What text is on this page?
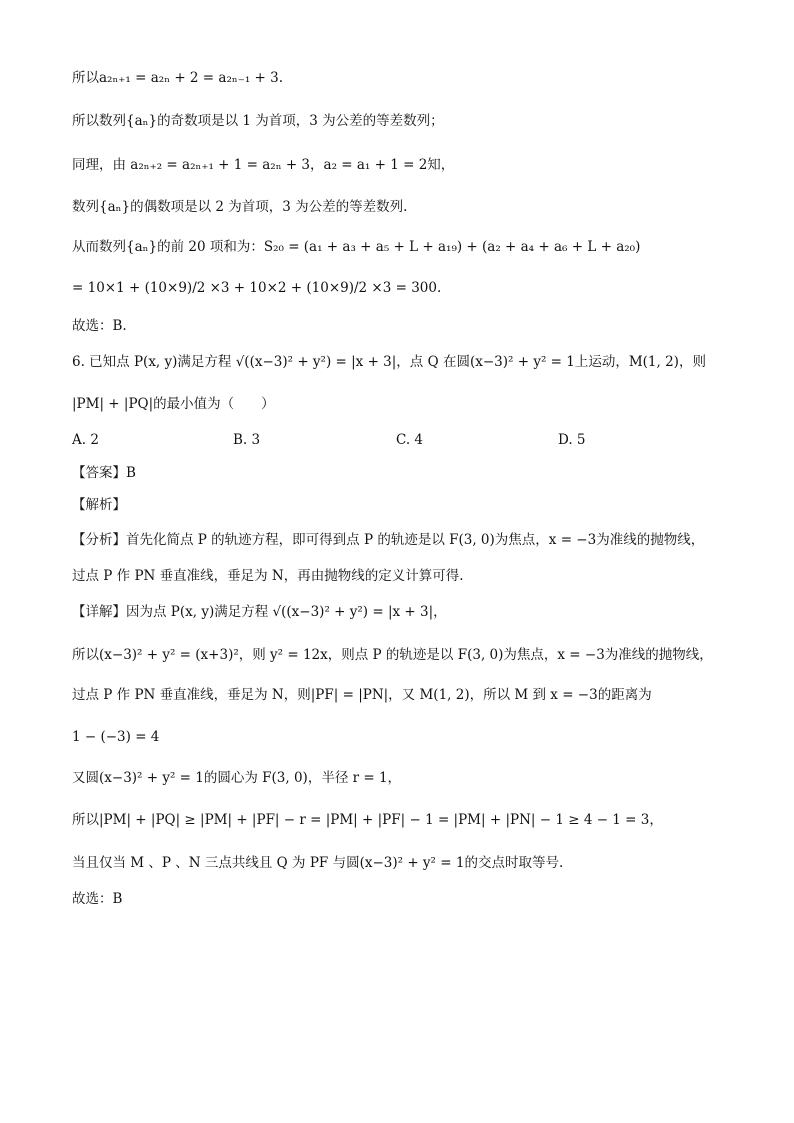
所以a₂ₙ₊₁ = a₂ₙ + 2 = a₂ₙ₋₁ + 3.
所以数列{aₙ}的奇数项是以 1 为首项，3 为公差的等差数列；
同理，由 a₂ₙ₊₂ = a₂ₙ₊₁ + 1 = a₂ₙ + 3，a₂ = a₁ + 1 = 2知，
数列{aₙ}的偶数项是以 2 为首项，3 为公差的等差数列.
从而数列{aₙ}的前 20 项和为：S₂₀ = (a₁ + a₃ + a₅ + L + a₁₉) + (a₂ + a₄ + a₆ + L + a₂₀)
= 10×1 + (10×9)/2 ×3 + 10×2 + (10×9)/2 ×3 = 300.
故选：B.
6. 已知点 P(x, y)满足方程 √((x−3)² + y²) = |x + 3|，点 Q 在圆(x−3)² + y² = 1上运动，M(1, 2)，则
|PM| + |PQ|的最小值为（　　）
A. 2	B. 3	C. 4	D. 5
【答案】B
【解析】
【分析】首先化简点 P 的轨迹方程，即可得到点 P 的轨迹是以 F(3, 0)为焦点，x = −3为准线的抛物线，
过点 P 作 PN 垂直准线，垂足为 N，再由抛物线的定义计算可得.
【详解】因为点 P(x, y)满足方程 √((x−3)² + y²) = |x + 3|，
所以(x−3)² + y² = (x+3)²，则 y² = 12x，则点 P 的轨迹是以 F(3, 0)为焦点，x = −3为准线的抛物线，
过点 P 作 PN 垂直准线，垂足为 N，则|PF| = |PN|，又 M(1, 2)，所以 M 到 x = −3的距离为
1 − (−3) = 4
又圆(x−3)² + y² = 1的圆心为 F(3, 0)，半径 r = 1，
所以|PM| + |PQ| ≥ |PM| + |PF| − r = |PM| + |PF| − 1 = |PM| + |PN| − 1 ≥ 4 − 1 = 3，
当且仅当 M 、P 、N 三点共线且 Q 为 PF 与圆(x−3)² + y² = 1的交点时取等号.
故选：B
